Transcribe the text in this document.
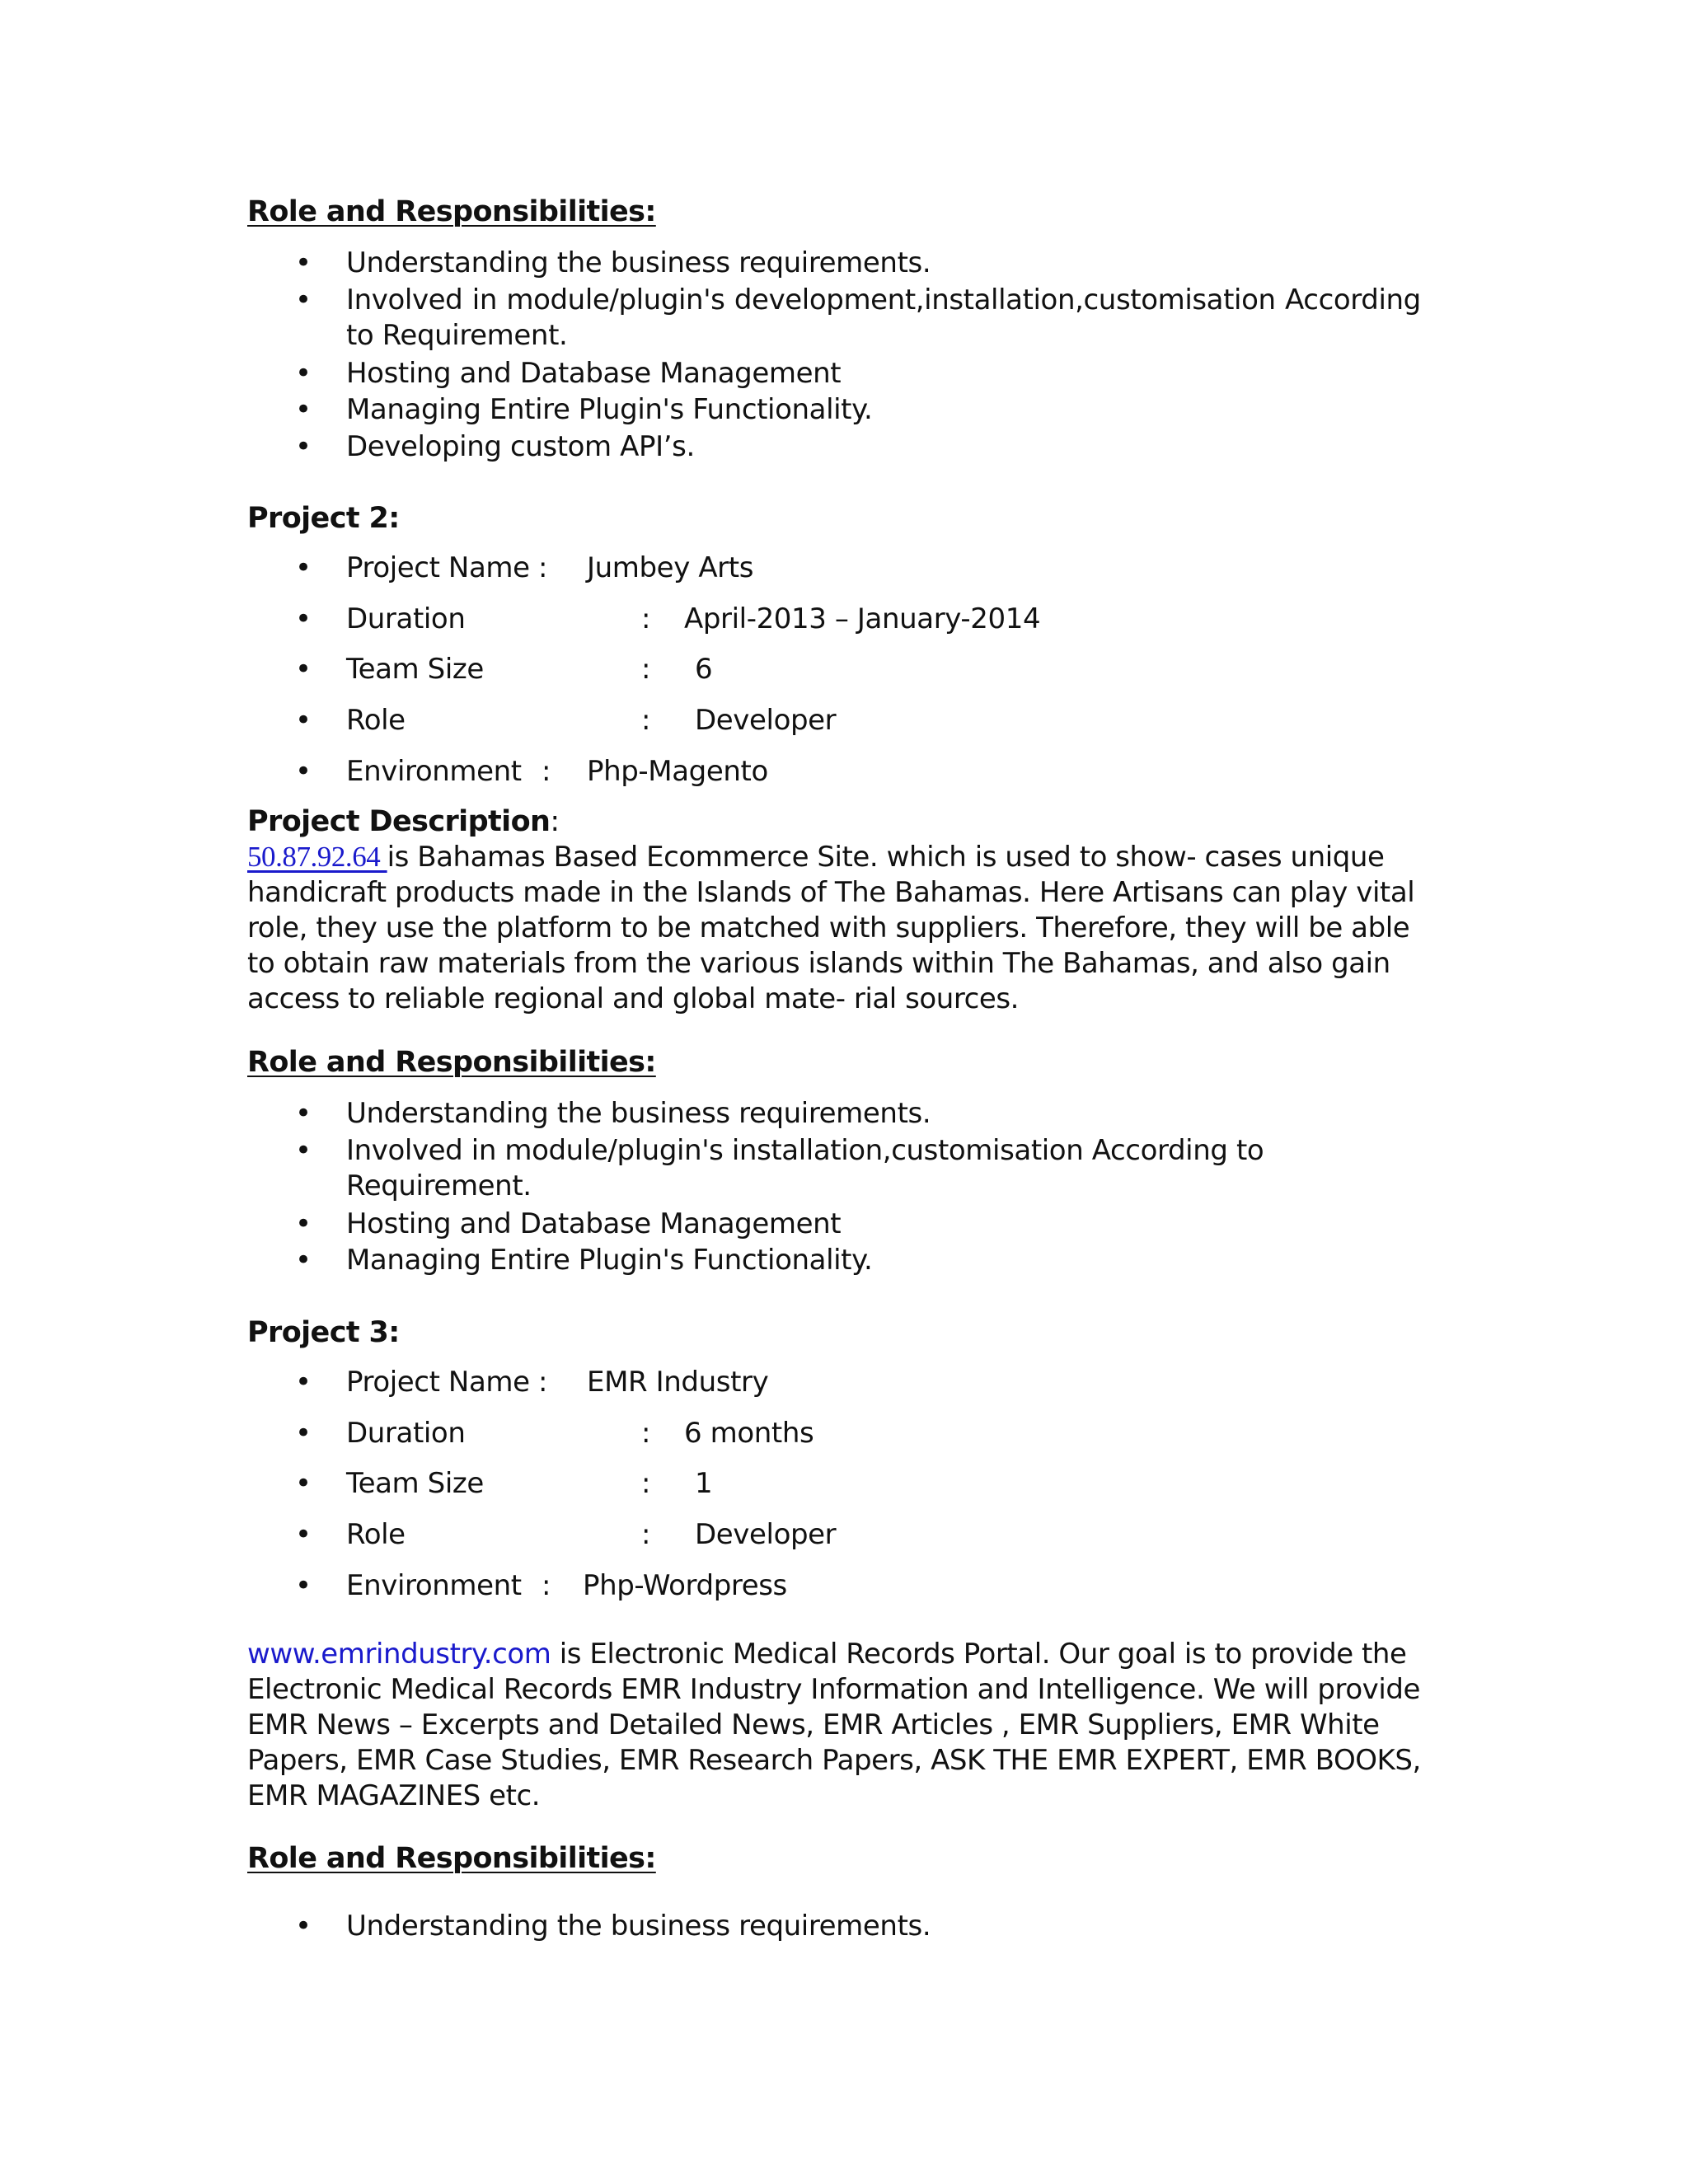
Role and Responsibilities:
• Understanding the business requirements.
• Involved in module/plugin's development,installation,customisation According
to Requirement.
• Hosting and Database Management
• Managing Entire Plugin's Functionality.
• Developing custom API’s.
Project 2:
• Project Name : Jumbey Arts
• Duration	: April-2013 – January-2014
• Team Size	: 6
• Role	: Developer
• Environment : Php-Magento
Project Description:
50.87.92.64 is Bahamas Based Ecommerce Site. which is used to show- cases unique
handicraft products made in the Islands of The Bahamas. Here Artisans can play vital
role, they use the platform to be matched with suppliers. Therefore, they will be able
to obtain raw materials from the various islands within The Bahamas, and also gain
access to reliable regional and global mate- rial sources.
Role and Responsibilities:
• Understanding the business requirements.
• Involved in module/plugin's installation,customisation According to
Requirement.
• Hosting and Database Management
• Managing Entire Plugin's Functionality.
Project 3:
• Project Name : EMR Industry
• Duration	: 6 months
• Team Size	: 1
• Role	: Developer
• Environment : Php-Wordpress
www.emrindustry.com is Electronic Medical Records Portal. Our goal is to provide the
Electronic Medical Records EMR Industry Information and Intelligence. We will provide
EMR News – Excerpts and Detailed News, EMR Articles , EMR Suppliers, EMR White
Papers, EMR Case Studies, EMR Research Papers, ASK THE EMR EXPERT, EMR BOOKS,
EMR MAGAZINES etc.
Role and Responsibilities:
• Understanding the business requirements.
